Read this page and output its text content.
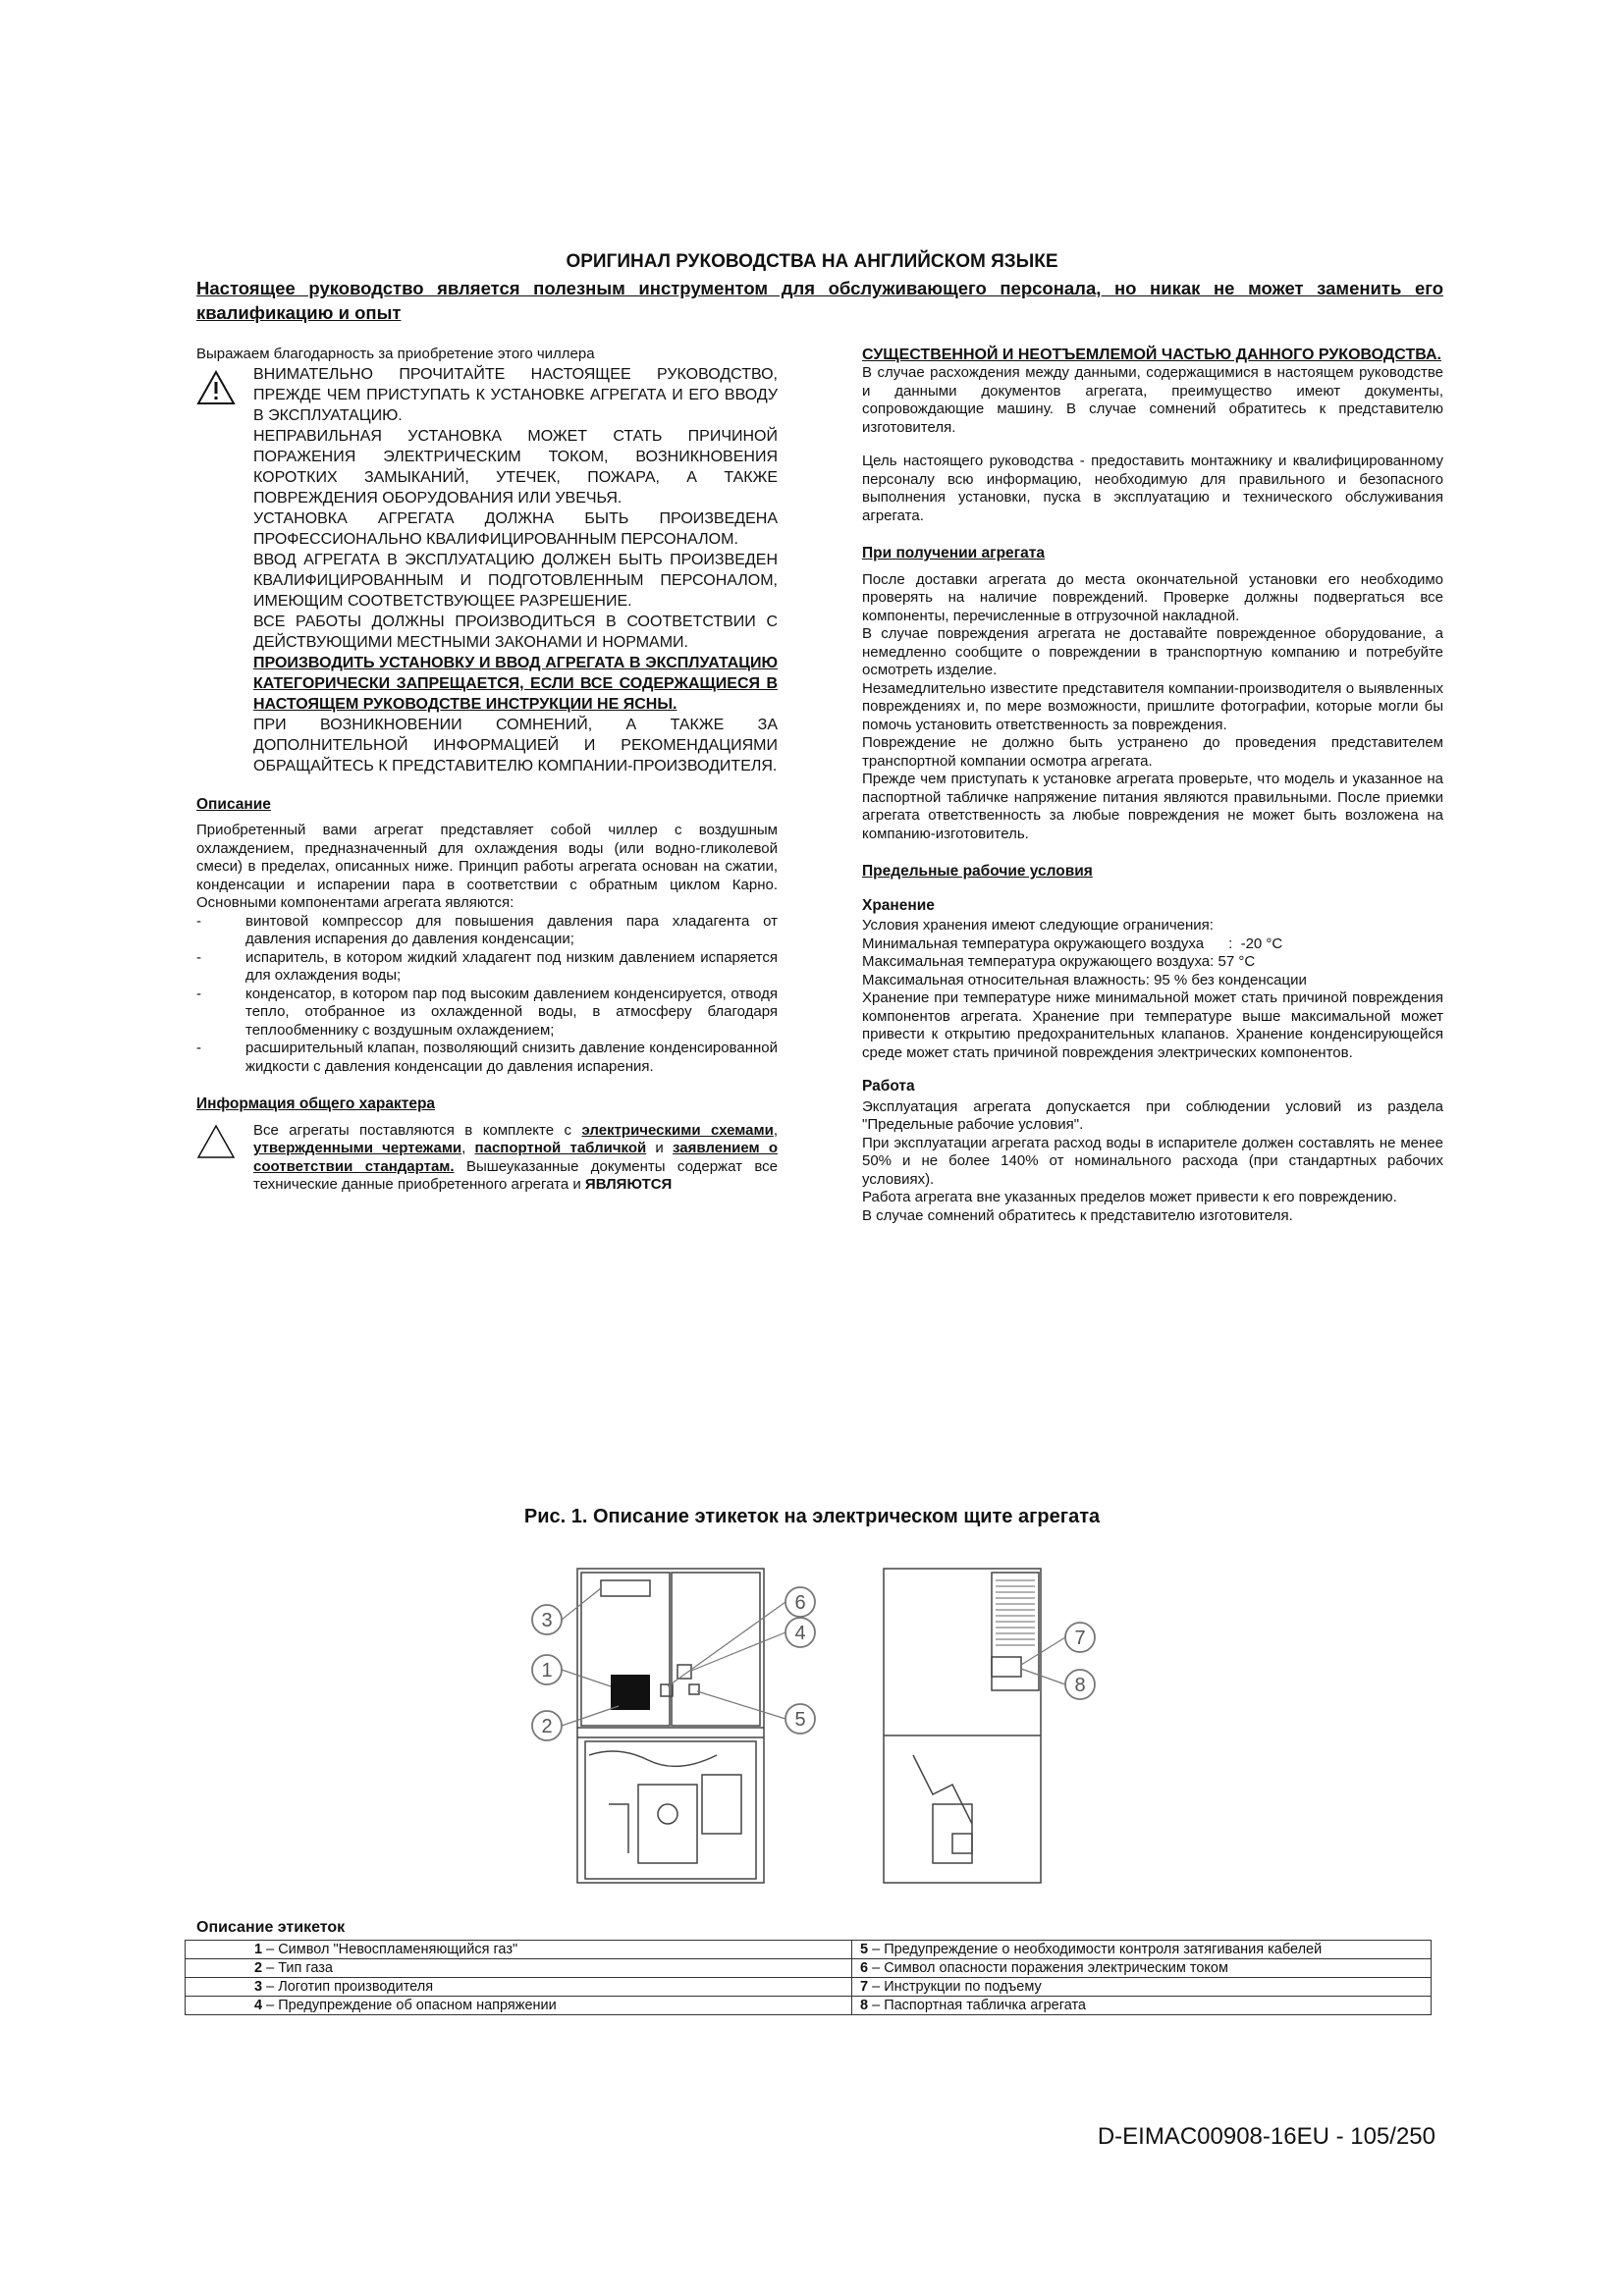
ОРИГИНАЛ РУКОВОДСТВА НА АНГЛИЙСКОМ ЯЗЫКЕ
Настоящее руководство является полезным инструментом для обслуживающего персонала, но никак не может заменить его квалификацию и опыт

Выражаем благодарность за приобретение этого чиллера

ВНИМАТЕЛЬНО ПРОЧИТАЙТЕ НАСТОЯЩЕЕ РУКОВОДСТВО, ПРЕЖДЕ ЧЕМ ПРИСТУПАТЬ К УСТАНОВКЕ АГРЕГАТА И ЕГО ВВОДУ В ЭКСПЛУАТАЦИЮ.

НЕПРАВИЛЬНАЯ УСТАНОВКА МОЖЕТ СТАТЬ ПРИЧИНОЙ ПОРАЖЕНИЯ ЭЛЕКТРИЧЕСКИМ ТОКОМ, ВОЗНИКНОВЕНИЯ КОРОТКИХ ЗАМЫКАНИЙ, УТЕЧЕК, ПОЖАРА, А ТАКЖЕ ПОВРЕЖДЕНИЯ ОБОРУДОВАНИЯ ИЛИ УВЕЧЬЯ.

УСТАНОВКА АГРЕГАТА ДОЛЖНА БЫТЬ ПРОИЗВЕДЕНА ПРОФЕССИОНАЛЬНО КВАЛИФИЦИРОВАННЫМ ПЕРСОНАЛОМ.

ВВОД АГРЕГАТА В ЭКСПЛУАТАЦИЮ ДОЛЖЕН БЫТЬ ПРОИЗВЕДЕН КВАЛИФИЦИРОВАННЫМ И ПОДГОТОВЛЕННЫМ ПЕРСОНАЛОМ, ИМЕЮЩИМ СООТВЕТСТВУЮЩЕЕ РАЗРЕШЕНИЕ.

ВСЕ РАБОТЫ ДОЛЖНЫ ПРОИЗВОДИТЬСЯ В СООТВЕТСТВИИ С ДЕЙСТВУЮЩИМИ МЕСТНЫМИ ЗАКОНАМИ И НОРМАМИ.

ПРОИЗВОДИТЬ УСТАНОВКУ И ВВОД АГРЕГАТА В ЭКСПЛУАТАЦИЮ КАТЕГОРИЧЕСКИ ЗАПРЕЩАЕТСЯ, ЕСЛИ ВСЕ СОДЕРЖАЩИЕСЯ В НАСТОЯЩЕМ РУКОВОДСТВЕ ИНСТРУКЦИИ НЕ ЯСНЫ.

ПРИ ВОЗНИКНОВЕНИИ СОМНЕНИЙ, А ТАКЖЕ ЗА ДОПОЛНИТЕЛЬНОЙ ИНФОРМАЦИЕЙ И РЕКОМЕНДАЦИЯМИ ОБРАЩАЙТЕСЬ К ПРЕДСТАВИТЕЛЮ КОМПАНИИ-ПРОИЗВОДИТЕЛЯ.

Описание

Приобретенный вами агрегат представляет собой чиллер с воздушным охлаждением, предназначенный для охлаждения воды (или водно-гликолевой смеси) в пределах, описанных ниже. Принцип работы агрегата основан на сжатии, конденсации и испарении пара в соответствии с обратным циклом Карно. Основными компонентами агрегата являются:

- винтовой компрессор для повышения давления пара хладагента от давления испарения до давления конденсации;
- испаритель, в котором жидкий хладагент под низким давлением испаряется для охлаждения воды;
- конденсатор, в котором пар под высоким давлением конденсируется, отводя тепло, отобранное из охлажденной воды, в атмосферу благодаря теплообменнику с воздушным охлаждением;
- расширительный клапан, позволяющий снизить давление конденсированной жидкости с давления конденсации до давления испарения.
Информация общего характера

Все агрегаты поставляются в комплекте с электрическими схемами, утвержденными чертежами, паспортной табличкой и заявлением о соответствии стандартам. Вышеуказанные документы содержат все технические данные приобретенного агрегата и ЯВЛЯЮТСЯ

СУЩЕСТВЕННОЙ И НЕОТЪЕМЛЕМОЙ ЧАСТЬЮ ДАННОГО РУКОВОДСТВА.

В случае расхождения между данными, содержащимися в настоящем руководстве и данными документов агрегата, преимущество имеют документы, сопровождающие машину. В случае сомнений обратитесь к представителю изготовителя.

Цель настоящего руководства - предоставить монтажнику и квалифицированному персоналу всю информацию, необходимую для правильного и безопасного выполнения установки, пуска в эксплуатацию и технического обслуживания агрегата.

При получении агрегата

После доставки агрегата до места окончательной установки его необходимо проверять на наличие повреждений. Проверке должны подвергаться все компоненты, перечисленные в отгрузочной накладной.

В случае повреждения агрегата не доставайте поврежденное оборудование, а немедленно сообщите о повреждении в транспортную компанию и потребуйте осмотреть изделие.

Незамедлительно известите представителя компании-производителя о выявленных повреждениях и, по мере возможности, пришлите фотографии, которые могли бы помочь установить ответственность за повреждения.

Повреждение не должно быть устранено до проведения представителем транспортной компании осмотра агрегата.

Прежде чем приступать к установке агрегата проверьте, что модель и указанное на паспортной табличке напряжение питания являются правильными. После приемки агрегата ответственность за любые повреждения не может быть возложена на компанию-изготовитель.

Предельные рабочие условия
Хранение

Условия хранения имеют следующие ограничения:

Минимальная температура окружающего воздуха      :  -20 °C

Максимальная температура окружающего воздуха: 57 °C

Максимальная относительная влажность: 95 % без конденсации

Хранение при температуре ниже минимальной может стать причиной повреждения компонентов агрегата. Хранение при температуре выше максимальной может привести к открытию предохранительных клапанов. Хранение конденсирующейся среде может стать причиной повреждения электрических компонентов.

Работа

Эксплуатация агрегата допускается при соблюдении условий из раздела "Предельные рабочие условия".

При эксплуатации агрегата расход воды в испарителе должен составлять не менее 50% и не более 140% от номинального расхода (при стандартных рабочих условиях).

Работа агрегата вне указанных пределов может привести к его повреждению.

В случае сомнений обратитесь к представителю изготовителя.

Рис. 1. Описание этикеток на электрическом щите агрегата
1
2
3
4
5
6
7
8
Описание этикеток
1 – Символ "Невоспламеняющийся газ"	5 – Предупреждение о необходимости контроля затягивания кабелей
2 – Тип газа	6 – Символ опасности поражения электрическим током
3 – Логотип производителя	7 – Инструкции по подъему
4 – Предупреждение об опасном напряжении	8 – Паспортная табличка агрегата
D-EIMAC00908-16EU - 105/250
